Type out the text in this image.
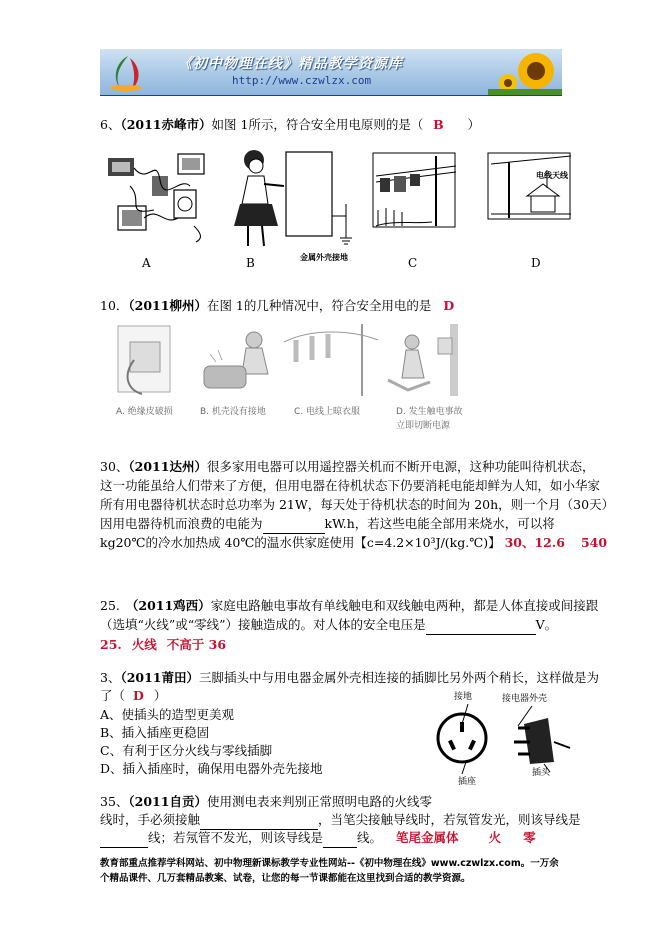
《初中物理在线》精品教学资源库
http://www.czwlzx.com
6、（2011赤峰市）如图 1所示，符合安全用电原则的是（ B ）
A	金属外壳接地
B	C
电线天线
D
10．（2011柳州）在图 1的几种情况中，符合安全用电的是 D
A. 绝缘皮破损	B. 机壳没有接地	C. 电线上晾衣服	D. 发生触电事故
立即切断电源
30、（2011达州）很多家用电器可以用遥控器关机而不断开电源，这种功能叫待机状态，
这一功能虽给人们带来了方便，但用电器在待机状态下仍要消耗电能却鲜为人知，如小华家
所有用电器待机状态时总功率为 21W，每天处于待机状态的时间为 20h，则一个月（30天）
因用电器待机而浪费的电能为	kW.h，若这些电能全部用来烧水，可以将
kg20℃的冷水加热成 40℃的温水供家庭使用【c=4.2×10³J/(kg.℃)】 30、12.6 540
25. （2011鸡西）家庭电路触电事故有单线触电和双线触电两种，都是人体直接或间接跟
（选填“火线”或“零线”）接触造成的。对人体的安全电压是	V。
25. 火线 不高于 36
3、（2011莆田）三脚插头中与用电器金属外壳相连接的插脚比另外两个稍长，这样做是为
了（ D ）
A、使插头的造型更美观
B、插入插座更稳固
C、有利于区分火线与零线插脚
D、插入插座时，确保用电器外壳先接地
接地	接电器外壳
插座
插头
35、（2011自贡）使用测电表来判别正常照明电路的火线零
线时，手必须接触	，当笔尖接触导线时，若氖管发光，则该导线是
线；若氖管不发光，则该导线是	线。 笔尾金属体 火 零
教育部重点推荐学科网站、初中物理新课标教学专业性网站--《初中物理在线》www.czwlzx.com。一万余
个精品课件、几万套精品教案、试卷，让您的每一节课都能在这里找到合适的教学资源。
